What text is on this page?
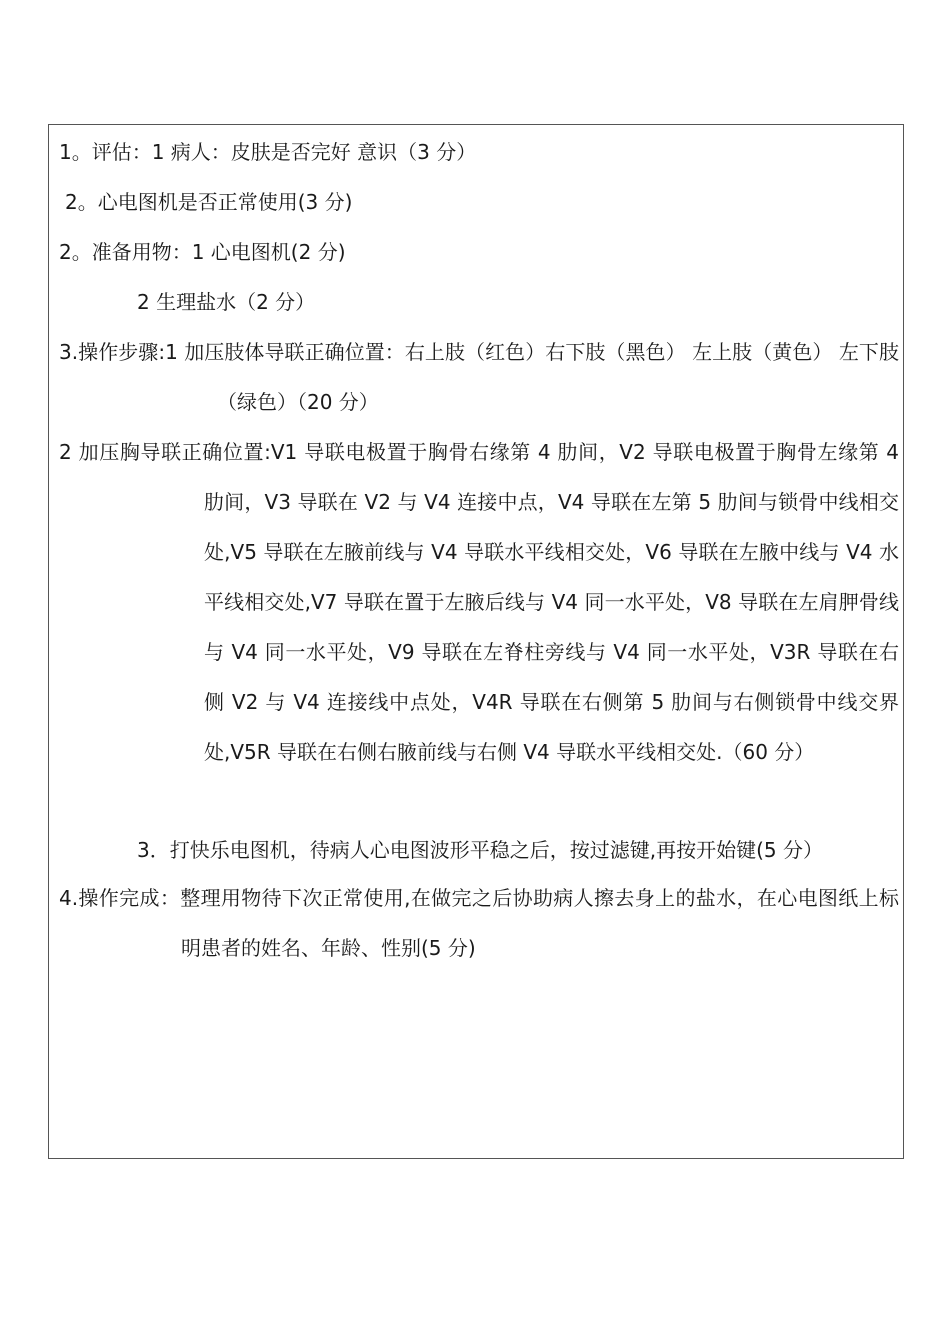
1。评估：1 病人：皮肤是否完好 意识（3 分）
2。心电图机是否正常使用(3 分)
2。准备用物：1 心电图机(2 分)
2 生理盐水（2 分）
3.操作步骤:1 加压肢体导联正确位置：右上肢（红色）右下肢（黑色） 左上肢（黄色） 左下肢（绿色）（20 分）
2 加压胸导联正确位置:V1 导联电极置于胸骨右缘第 4 肋间，V2 导联电极置于胸骨左缘第 4 肋间，V3 导联在 V2 与 V4 连接中点，V4 导联在左第 5 肋间与锁骨中线相交处,V5 导联在左腋前线与 V4 导联水平线相交处，V6 导联在左腋中线与 V4 水平线相交处,V7 导联在置于左腋后线与 V4 同一水平处，V8 导联在左肩胛骨线与 V4 同一水平处，V9 导联在左脊柱旁线与 V4 同一水平处，V3R 导联在右侧 V2 与 V4 连接线中点处，V4R 导联在右侧第 5 肋间与右侧锁骨中线交界处,V5R 导联在右侧右腋前线与右侧 V4 导联水平线相交处.（60 分）
3．打快乐电图机，待病人心电图波形平稳之后，按过滤键,再按开始键(5 分）
4.操作完成：整理用物待下次正常使用,在做完之后协助病人擦去身上的盐水，在心电图纸上标明患者的姓名、年龄、性别(5 分)
